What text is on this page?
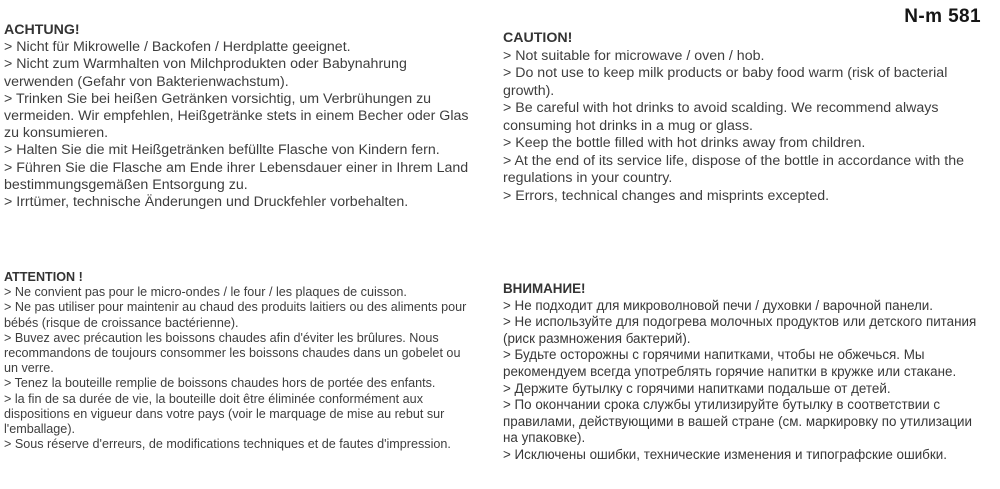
N-m 581
ACHTUNG!

> Nicht für Mikrowelle / Backofen / Herdplatte geeignet.

> Nicht zum Warmhalten von Milchprodukten oder Babynahrung verwenden (Gefahr von Bakterienwachstum).

> Trinken Sie bei heißen Getränken vorsichtig, um Verbrühungen zu vermeiden. Wir empfehlen, Heißgetränke stets in einem Becher oder Glas zu konsumieren.

> Halten Sie die mit Heißgetränken befüllte Flasche von Kindern fern.

> Führen Sie die Flasche am Ende ihrer Lebensdauer einer in Ihrem Land bestimmungsgemäßen Entsorgung zu.

> Irrtümer, technische Änderungen und Druckfehler vorbehalten.

CAUTION!

> Not suitable for microwave / oven / hob.

> Do not use to keep milk products or baby food warm (risk of bacterial growth).

> Be careful with hot drinks to avoid scalding. We recommend always consuming hot drinks in a mug or glass.

> Keep the bottle filled with hot drinks away from children.

> At the end of its service life, dispose of the bottle in accordance with the regulations in your country.

> Errors, technical changes and misprints excepted.

ATTENTION !

> Ne convient pas pour le micro-ondes / le four / les plaques de cuisson.

> Ne pas utiliser pour maintenir au chaud des produits laitiers ou des aliments pour bébés (risque de croissance bactérienne).

> Buvez avec précaution les boissons chaudes afin d'éviter les brûlures. Nous recommandons de toujours consommer les boissons chaudes dans un gobelet ou un verre.

> Tenez la bouteille remplie de boissons chaudes hors de portée des enfants.

> la fin de sa durée de vie, la bouteille doit être éliminée conformément aux dispositions en vigueur dans votre pays (voir le marquage de mise au rebut sur l'emballage).

> Sous réserve d'erreurs, de modifications techniques et de fautes d'impression.

ВНИМАНИЕ!

> Не подходит для микроволновой печи / духовки / варочной панели.

> Не используйте для подогрева молочных продуктов или детского питания (риск размножения бактерий).

> Будьте осторожны с горячими напитками, чтобы не обжечься. Мы рекомендуем всегда употреблять горячие напитки в кружке или стакане.

> Держите бутылку с горячими напитками подальше от детей.

> По окончании срока службы утилизируйте бутылку в соответствии с правилами, действующими в вашей стране (см. маркировку по утилизации на упаковке).

> Исключены ошибки, технические изменения и типографские ошибки.
